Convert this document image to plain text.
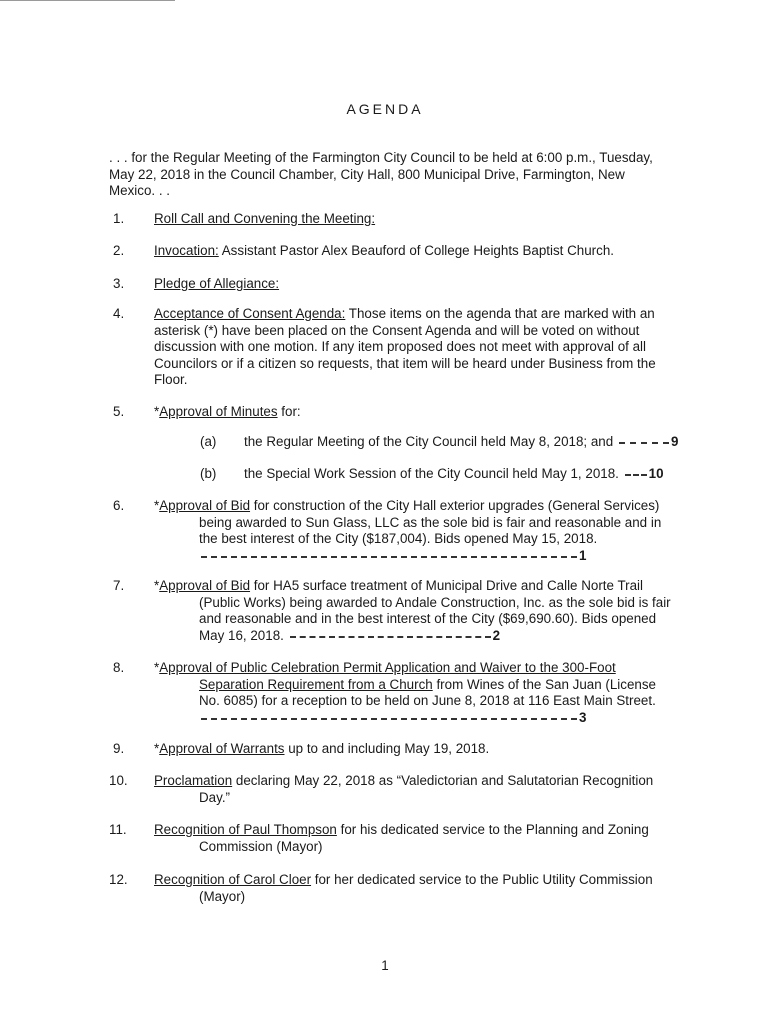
AGENDA
. . . for the Regular Meeting of the Farmington City Council to be held at 6:00 p.m., Tuesday, May 22, 2018 in the Council Chamber, City Hall, 800 Municipal Drive, Farmington, New Mexico. . .
1. Roll Call and Convening the Meeting:
2. Invocation: Assistant Pastor Alex Beauford of College Heights Baptist Church.
3. Pledge of Allegiance:
4. Acceptance of Consent Agenda: Those items on the agenda that are marked with an asterisk (*) have been placed on the Consent Agenda and will be voted on without discussion with one motion. If any item proposed does not meet with approval of all Councilors or if a citizen so requests, that item will be heard under Business from the Floor.
5. *Approval of Minutes for:
(a) the Regular Meeting of the City Council held May 8, 2018; and	9
(b) the Special Work Session of the City Council held May 1, 2018. 10
6. *Approval of Bid for construction of the City Hall exterior upgrades (General Services) being awarded to Sun Glass, LLC as the sole bid is fair and reasonable and in the best interest of the City ($187,004). Bids opened May 15, 2018. 1
7. *Approval of Bid for HA5 surface treatment of Municipal Drive and Calle Norte Trail (Public Works) being awarded to Andale Construction, Inc. as the sole bid is fair and reasonable and in the best interest of the City ($69,690.60). Bids opened May 16, 2018.	2
8. *Approval of Public Celebration Permit Application and Waiver to the 300-Foot Separation Requirement from a Church from Wines of the San Juan (License No. 6085) for a reception to be held on June 8, 2018 at 116 East Main Street. 3
9. *Approval of Warrants up to and including May 19, 2018.
10. Proclamation declaring May 22, 2018 as “Valedictorian and Salutatorian Recognition Day.”
11. Recognition of Paul Thompson for his dedicated service to the Planning and Zoning Commission (Mayor)
12. Recognition of Carol Cloer for her dedicated service to the Public Utility Commission (Mayor)
1
